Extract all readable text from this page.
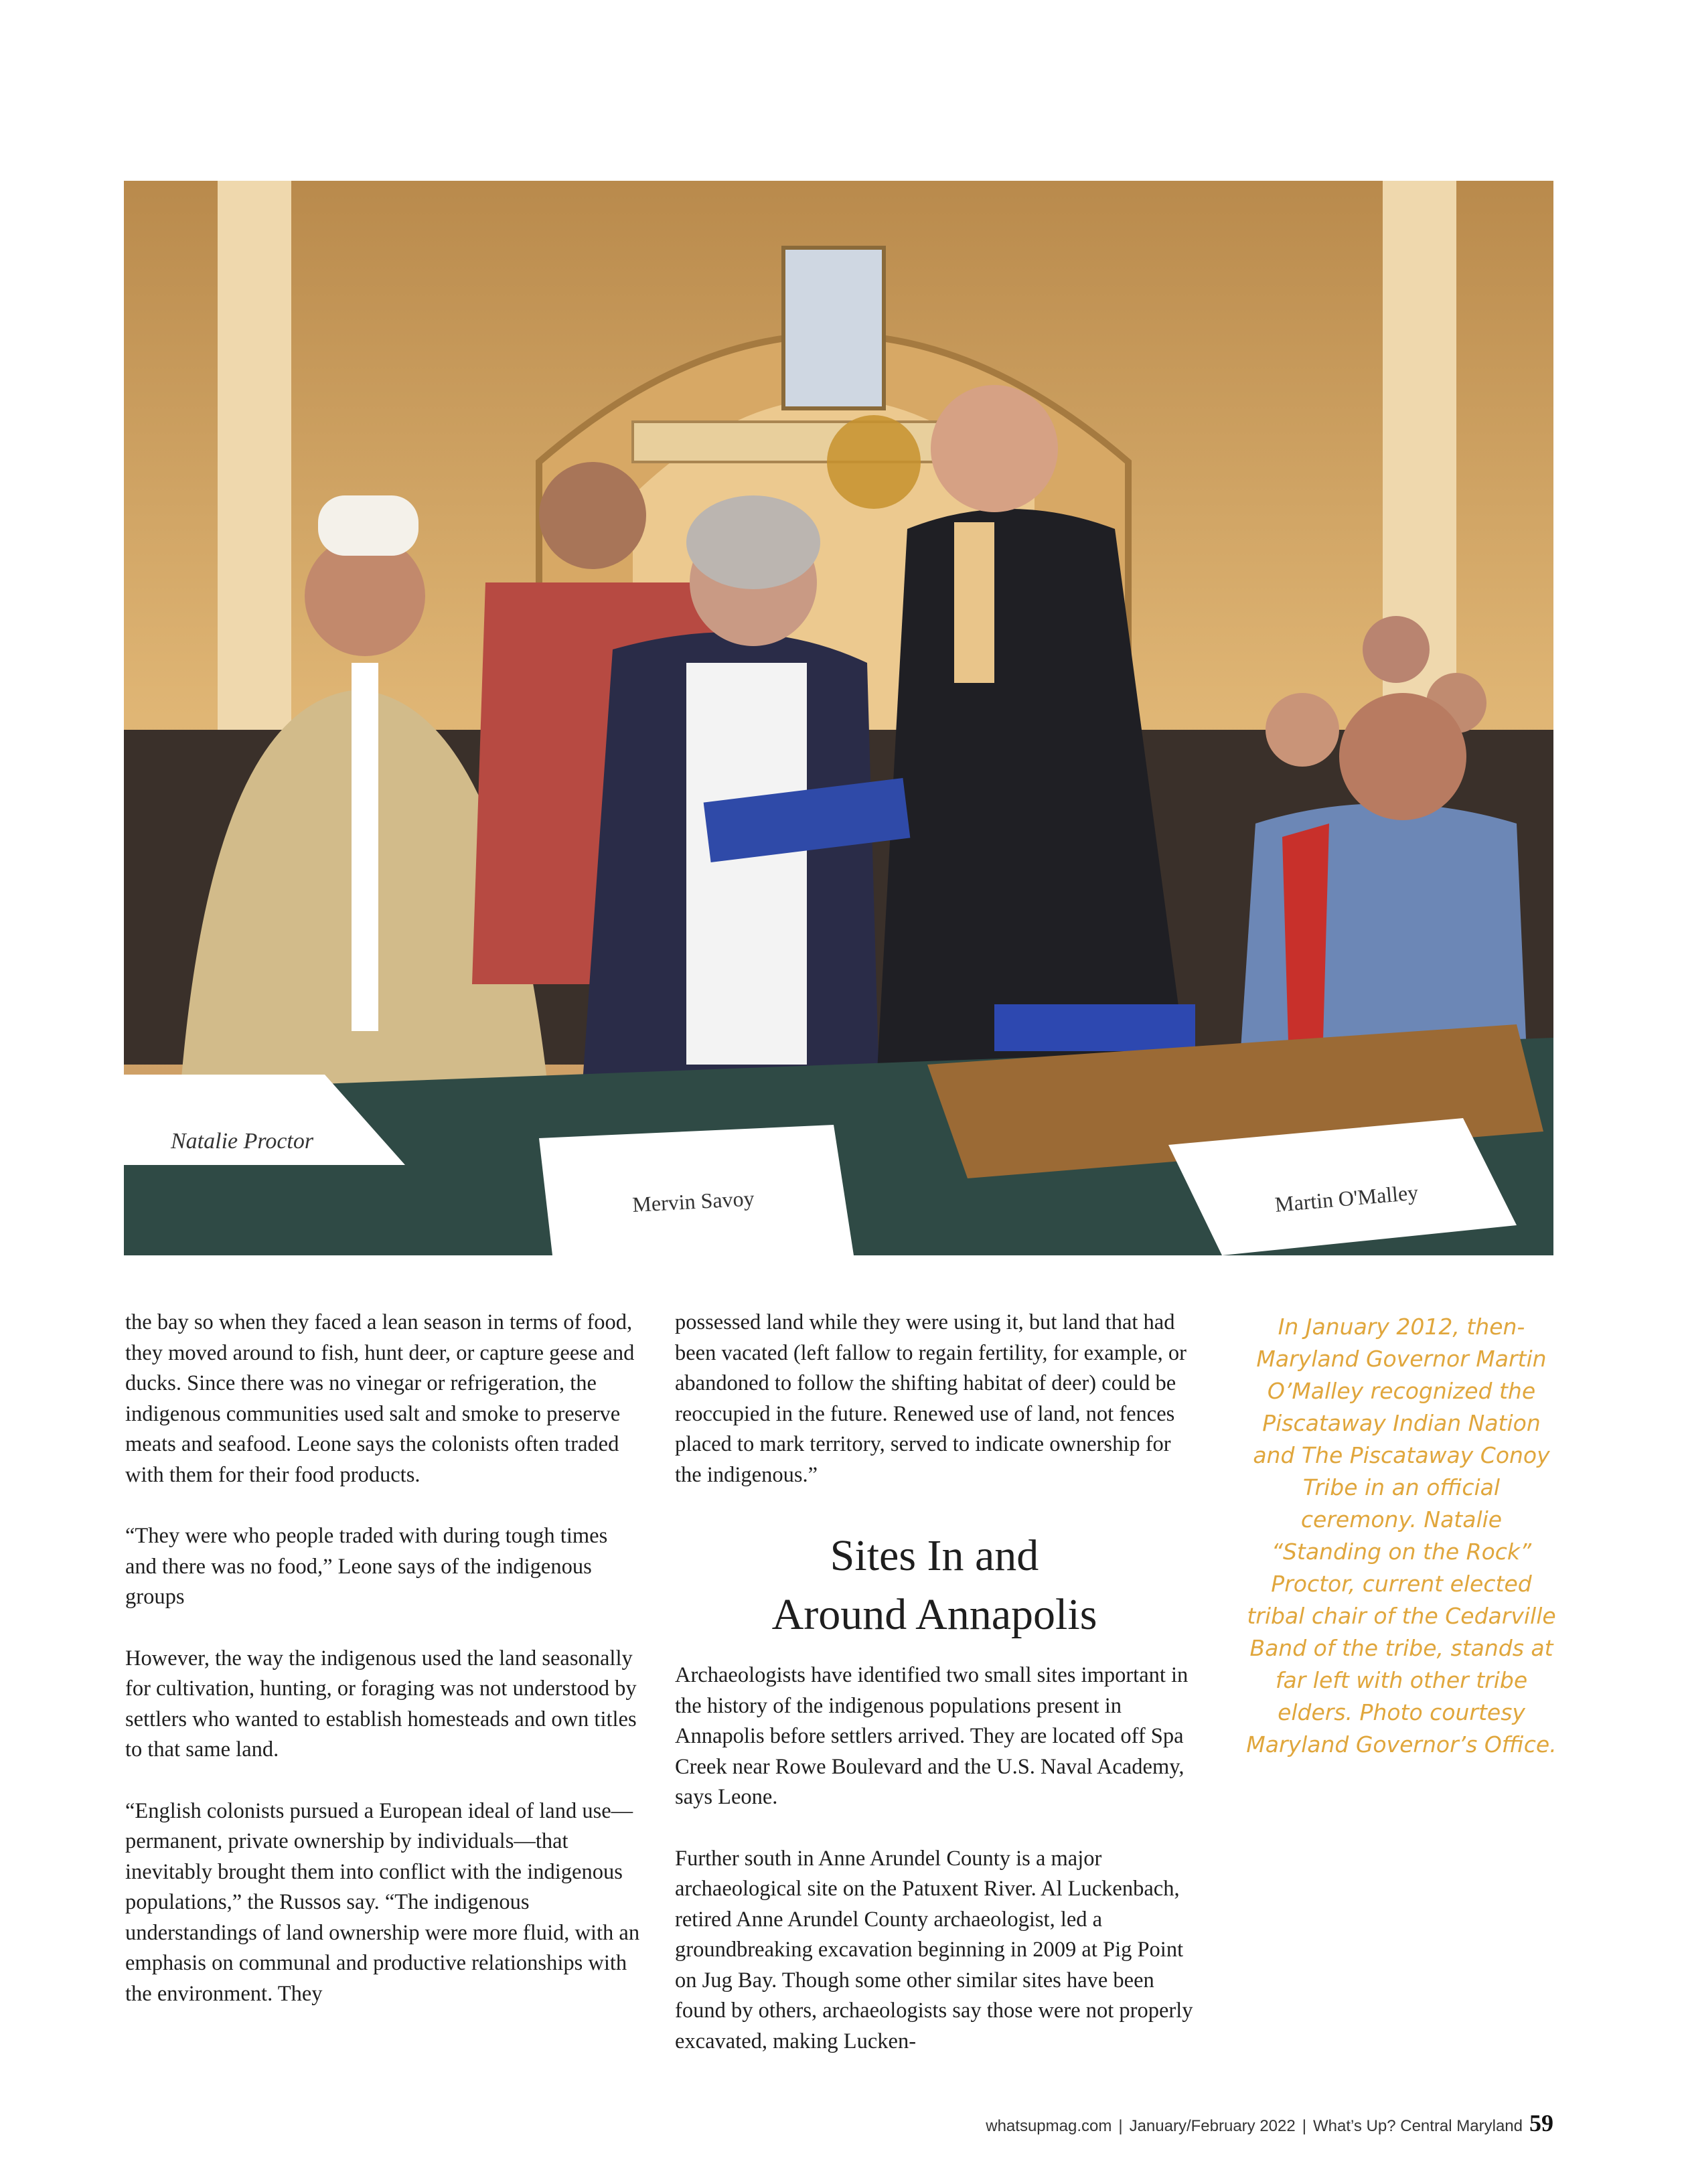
Natalie Proctor
Mervin Savoy	Martin O'Malley

the bay so when they faced a lean season in terms of food, they moved around to fish, hunt deer, or capture geese and ducks. Since there was no vinegar or refrigeration, the indigenous communities used salt and smoke to preserve meats and seafood. Leone says the colonists often traded with them for their food products.

“They were who people traded with during tough times and there was no food,” Leone says of the indigenous groups

However, the way the indigenous used the land seasonally for cultivation, hunting, or foraging was not understood by settlers who wanted to establish homesteads and own titles to that same land.

“English colonists pursued a European ideal of land use—permanent, private ownership by individuals—that inevitably brought them into conflict with the indigenous populations,” the Russos say. “The indigenous understandings of land ownership were more fluid, with an emphasis on communal and productive relationships with the environment. They

possessed land while they were using it, but land that had been vacated (left fallow to regain fertility, for example, or abandoned to follow the shifting habitat of deer) could be reoccupied in the future. Renewed use of land, not fences placed to mark territory, served to indicate ownership for the indigenous.”

Sites In and
Around Annapolis

Archaeologists have identified two small sites important in the history of the indigenous populations present in Annapolis before settlers arrived. They are located off Spa Creek near Rowe Boulevard and the U.S. Naval Academy, says Leone.

Further south in Anne Arundel County is a major archaeological site on the Patuxent River. Al Luckenbach, retired Anne Arundel County archaeologist, led a groundbreaking excavation beginning in 2009 at Pig Point on Jug Bay. Though some other similar sites have been found by others, archaeologists say those were not properly excavated, making Lucken-

In January 2012, then-Maryland Governor Martin O’Malley recognized the Piscataway Indian Nation and The Piscataway Conoy Tribe in an official ceremony. Natalie “Standing on the Rock” Proctor, current elected tribal chair of the Cedarville Band of the tribe, stands at far left with other tribe elders. Photo courtesy Maryland Governor’s Office.
whatsupmag.com | January/February 2022 | What’s Up? Central Maryland 59
